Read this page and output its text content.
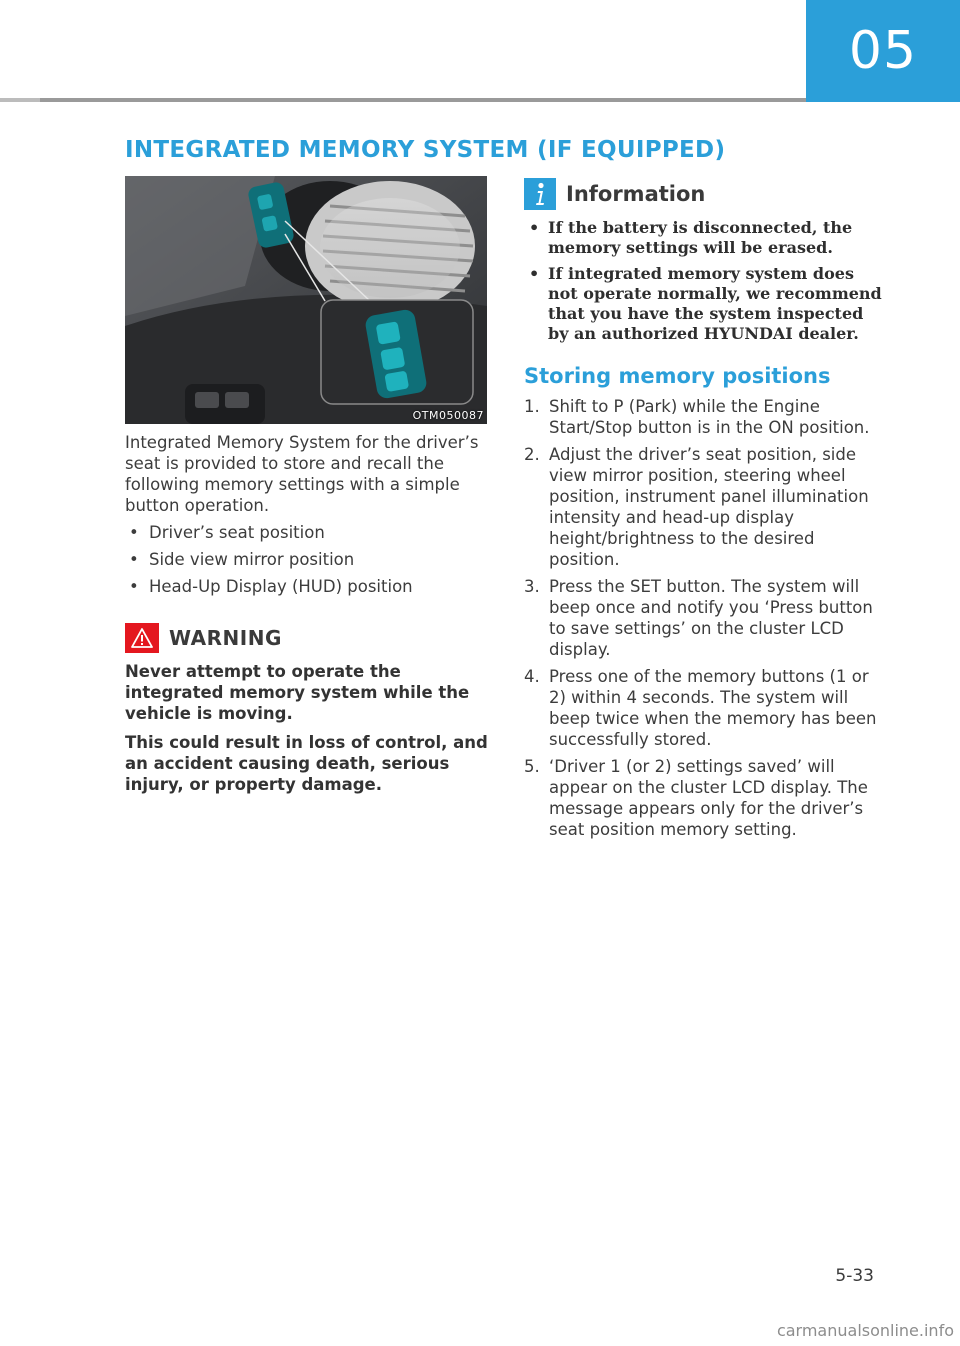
05
INTEGRATED MEMORY SYSTEM (IF EQUIPPED)
OTM050087

Integrated Memory System for the driver’s seat is provided to store and recall the following memory settings with a simple button operation.

• Driver’s seat position
• Side view mirror position
• Head-Up Display (HUD) position
WARNING

Never attempt to operate the integrated memory system while the vehicle is moving.

This could result in loss of control, and an accident causing death, serious injury, or property damage.

Information
• If the battery is disconnected, the memory settings will be erased.
• If integrated memory system does not operate normally, we recommend that you have the system inspected by an authorized HYUNDAI dealer.
Storing memory positions
1. Shift to P (Park) while the Engine Start/Stop button is in the ON position.
2. Adjust the driver’s seat position, side view mirror position, steering wheel position, instrument panel illumination intensity and head-up display height/brightness to the desired position.
3. Press the SET button. The system will beep once and notify you ‘Press button to save settings’ on the cluster LCD display.
4. Press one of the memory buttons (1 or 2) within 4 seconds. The system will beep twice when the memory has been successfully stored.
5. ‘Driver 1 (or 2) settings saved’ will appear on the cluster LCD display. The message appears only for the driver’s seat position memory setting.
5-33
carmanualsonline.info
